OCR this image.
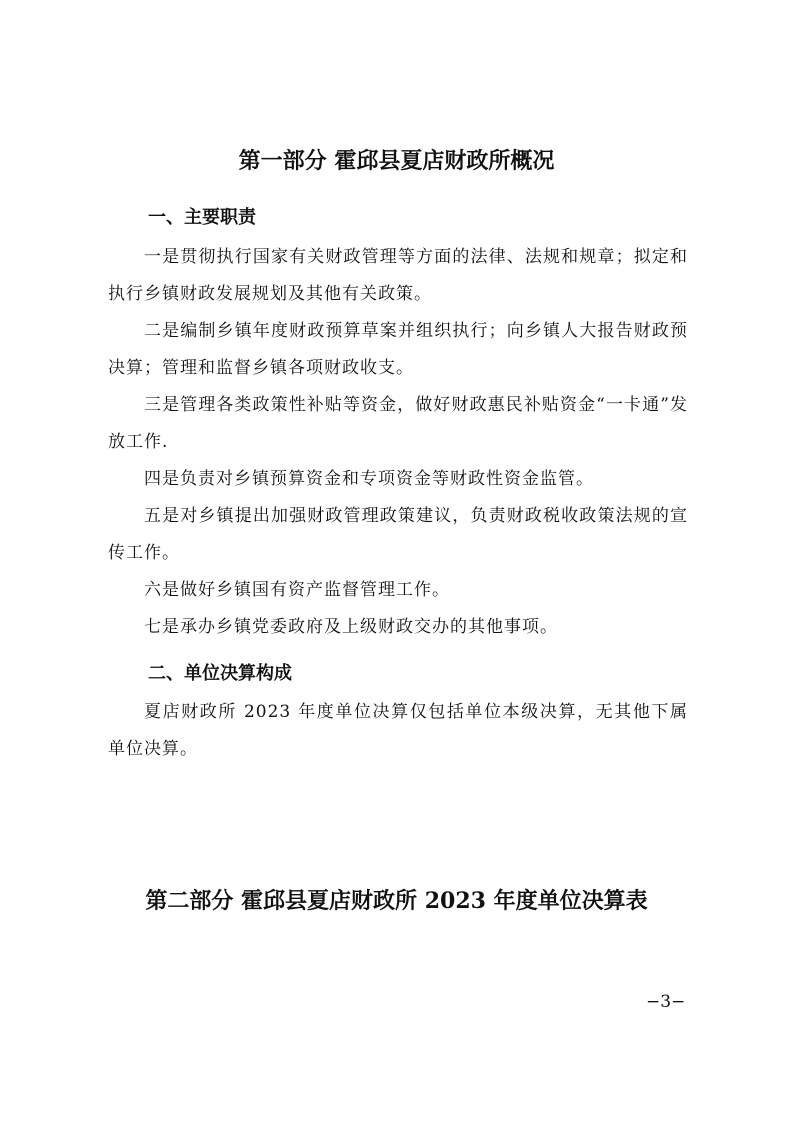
第一部分 霍邱县夏店财政所概况
一、主要职责
一是贯彻执行国家有关财政管理等方面的法律、法规和规章；拟定和执行乡镇财政发展规划及其他有关政策。
二是编制乡镇年度财政预算草案并组织执行；向乡镇人大报告财政预决算；管理和监督乡镇各项财政收支。
三是管理各类政策性补贴等资金，做好财政惠民补贴资金“一卡通”发放工作.
四是负责对乡镇预算资金和专项资金等财政性资金监管。
五是对乡镇提出加强财政管理政策建议，负责财政税收政策法规的宣传工作。
六是做好乡镇国有资产监督管理工作。
七是承办乡镇党委政府及上级财政交办的其他事项。
二、单位决算构成
夏店财政所 2023 年度单位决算仅包括单位本级决算，无其他下属单位决算。
第二部分 霍邱县夏店财政所 2023 年度单位决算表
−3−
